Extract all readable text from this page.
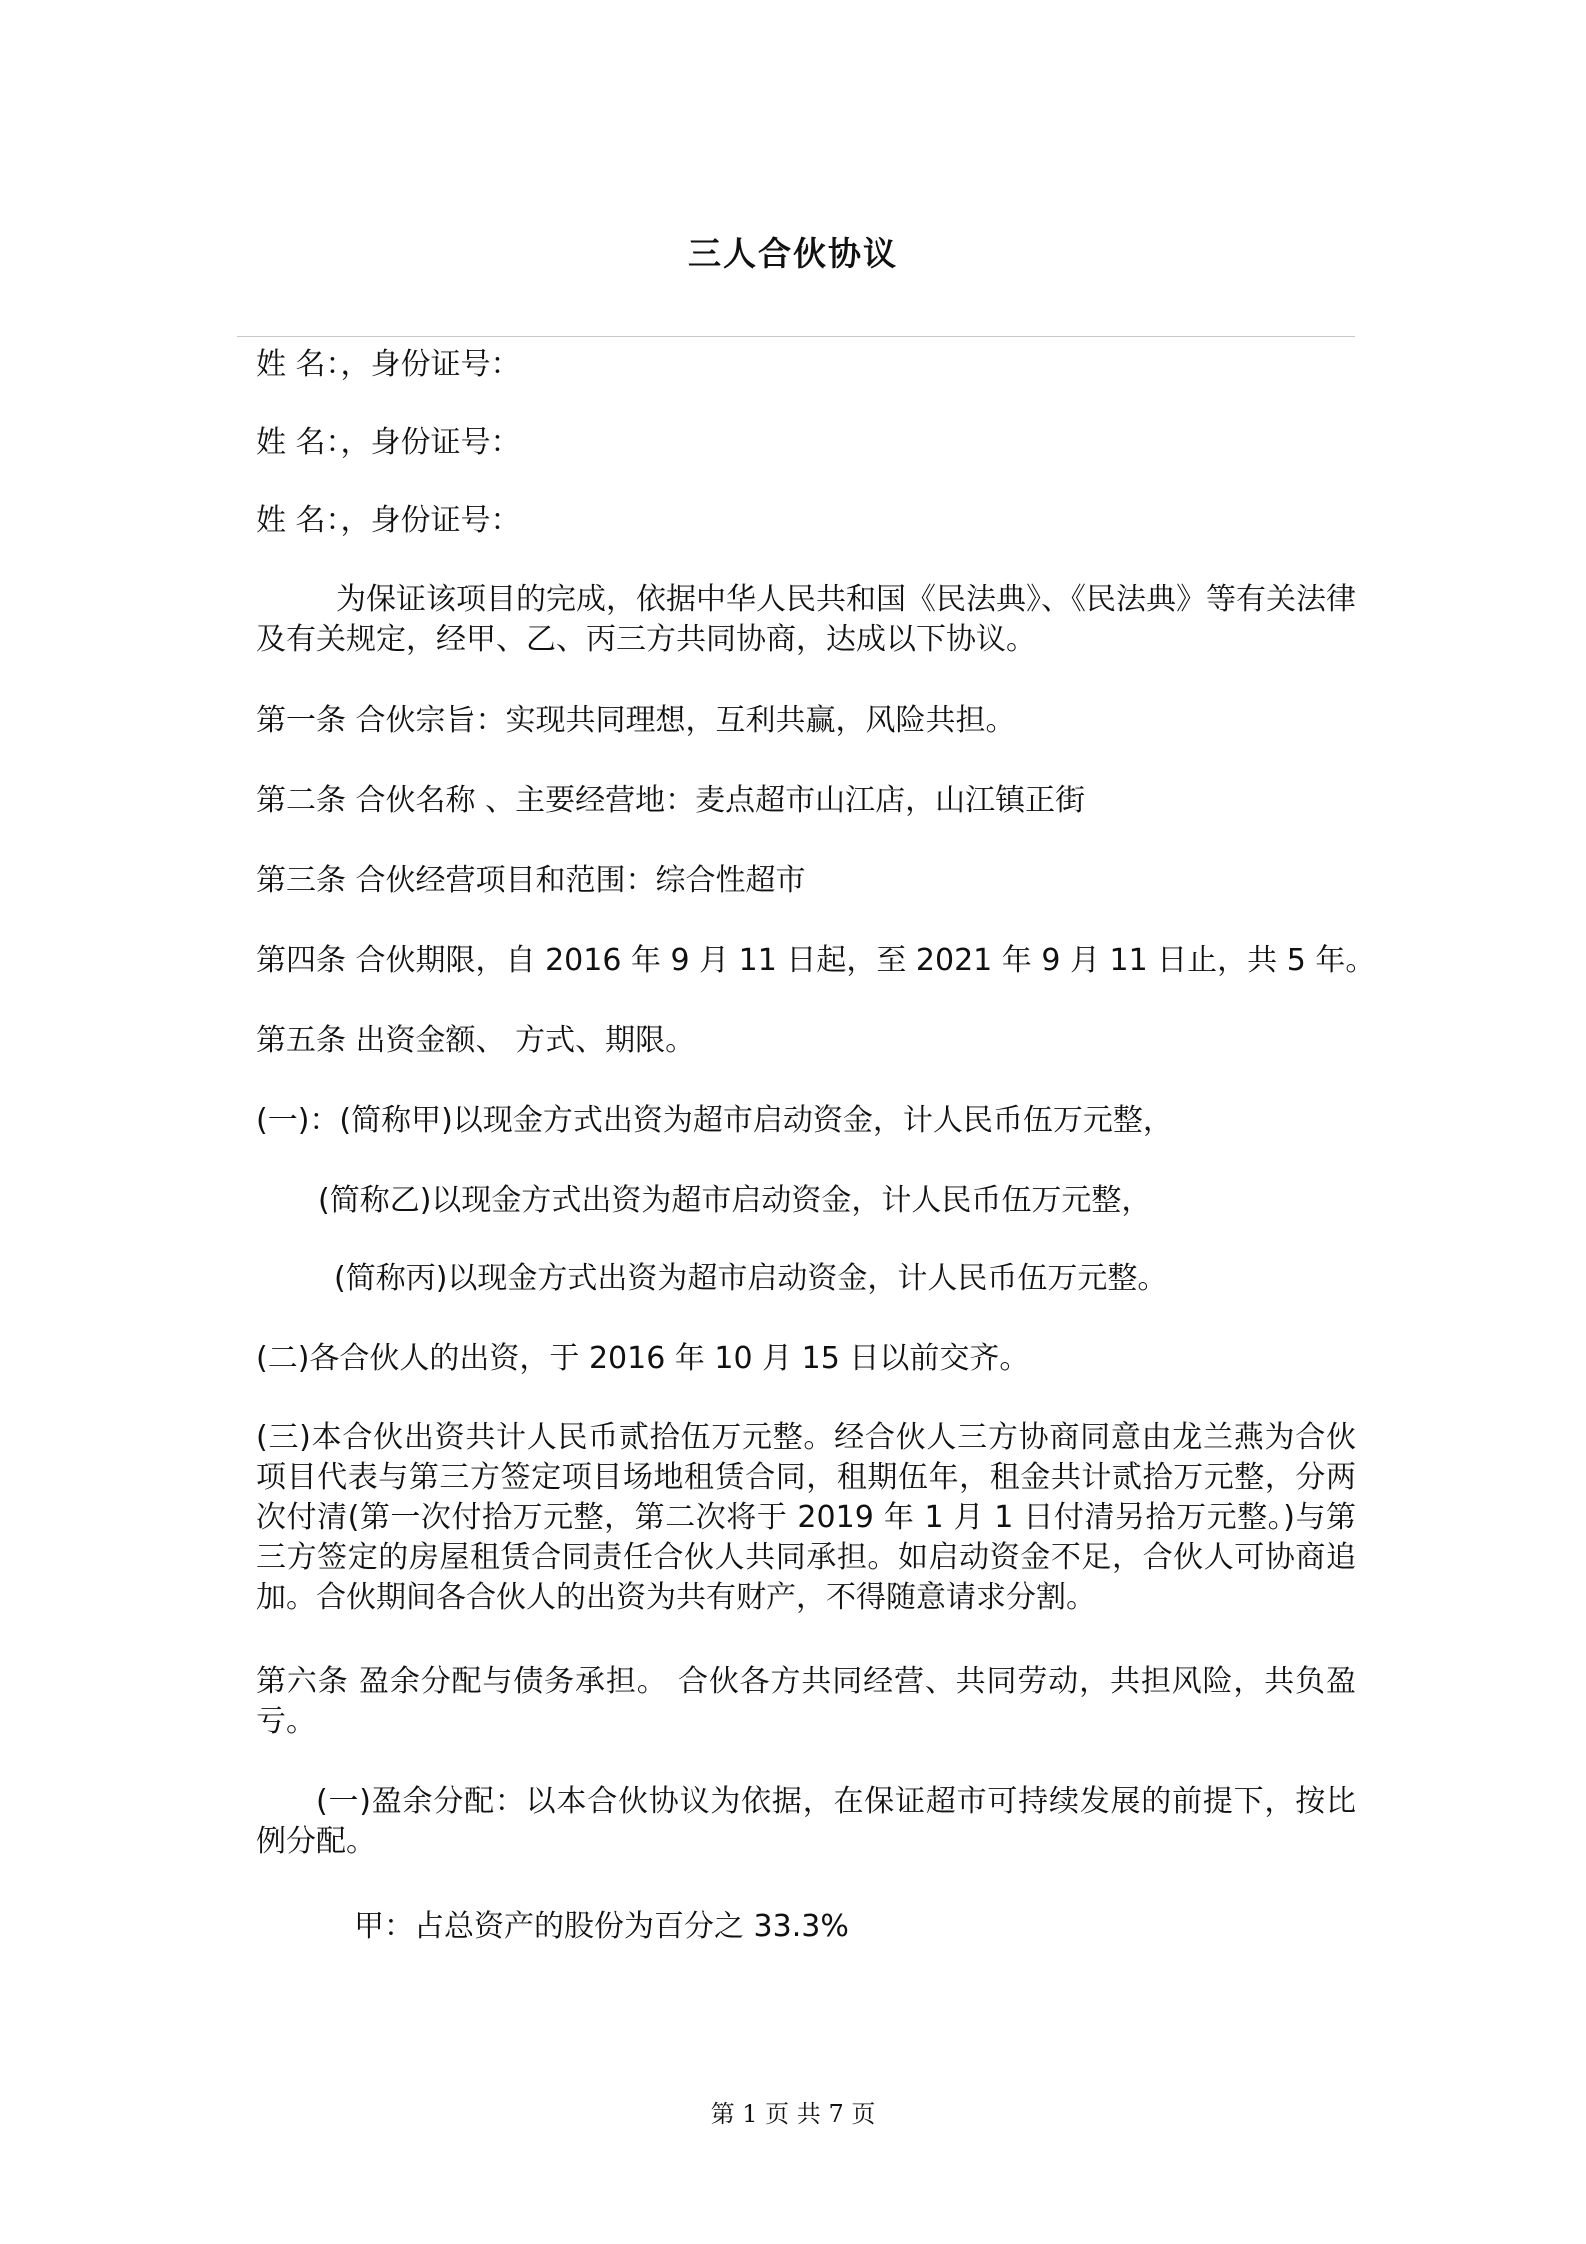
三人合伙协议
姓 名：，身份证号：
姓 名：，身份证号：
姓 名：，身份证号：
为保证该项目的完成，依据中华人民共和国《民法典》、《民法典》等有关法律及有关规定，经甲、乙、丙三方共同协商，达成以下协议。
第一条 合伙宗旨：实现共同理想，互利共赢，风险共担。
第二条 合伙名称 、主要经营地：麦点超市山江店，山江镇正街
第三条 合伙经营项目和范围：综合性超市
第四条 合伙期限，自 2016 年 9 月 11 日起，至 2021 年 9 月 11 日止，共 5 年。
第五条 出资金额、 方式、期限。
(一)：(简称甲)以现金方式出资为超市启动资金，计人民币伍万元整，
(简称乙)以现金方式出资为超市启动资金，计人民币伍万元整，
(简称丙)以现金方式出资为超市启动资金，计人民币伍万元整。
(二)各合伙人的出资，于 2016 年 10 月 15 日以前交齐。
(三)本合伙出资共计人民币贰拾伍万元整。经合伙人三方协商同意由龙兰燕为合伙项目代表与第三方签定项目场地租赁合同，租期伍年，租金共计贰拾万元整，分两次付清(第一次付拾万元整，第二次将于 2019 年 1 月 1 日付清另拾万元整。)与第三方签定的房屋租赁合同责任合伙人共同承担。如启动资金不足，合伙人可协商追加。合伙期间各合伙人的出资为共有财产，不得随意请求分割。
第六条 盈余分配与债务承担。 合伙各方共同经营、共同劳动，共担风险，共负盈亏。
(一)盈余分配：以本合伙协议为依据，在保证超市可持续发展的前提下，按比例分配。
甲：占总资产的股份为百分之 33.3%
第 1 页 共 7 页
